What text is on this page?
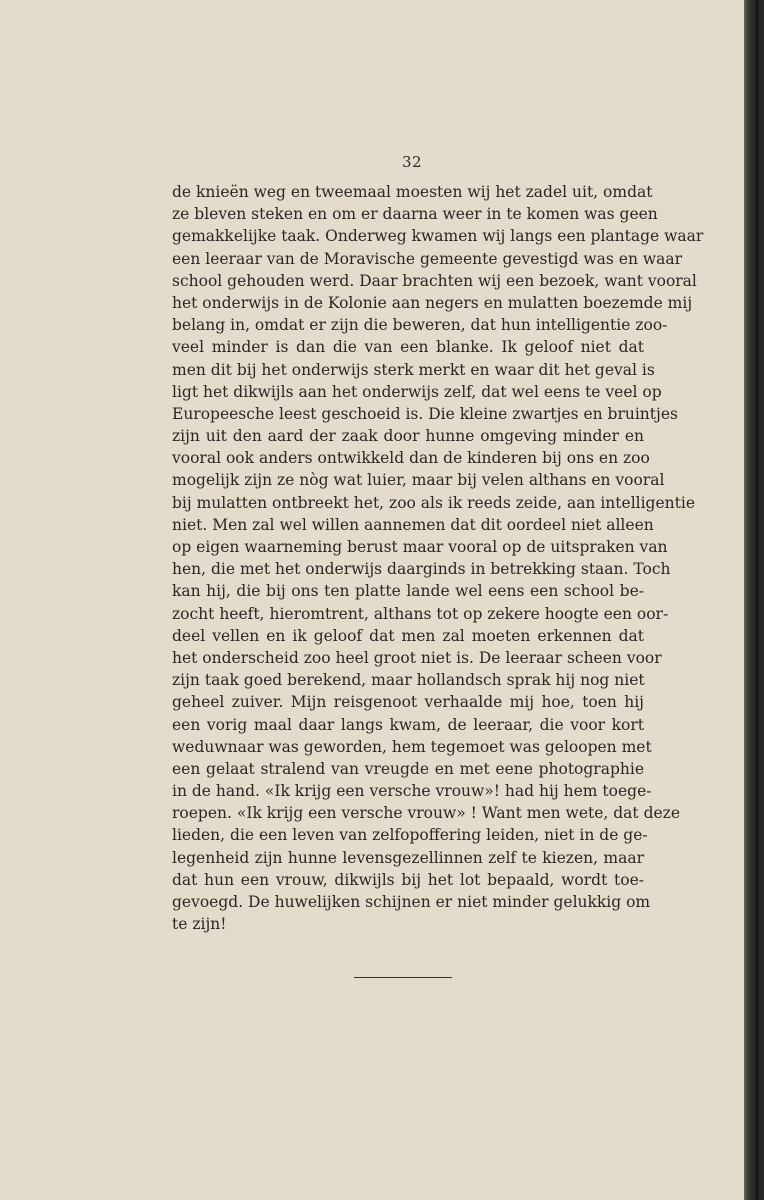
32
de knieën weg en tweemaal moesten wij het zadel uit, omdat
ze bleven steken en om er daarna weer in te komen was geen
gemakkelijke taak. Onderweg kwamen wij langs een plantage waar
een leeraar van de Moravische gemeente gevestigd was en waar
school gehouden werd. Daar brachten wij een bezoek, want vooral
het onderwijs in de Kolonie aan negers en mulatten boezemde mij
belang in, omdat er zijn die beweren, dat hun intelligentie zoo-
veel minder is dan die van een blanke. Ik geloof niet dat
men dit bij het onderwijs sterk merkt en waar dit het geval is
ligt het dikwijls aan het onderwijs zelf, dat wel eens te veel op
Europeesche leest geschoeid is. Die kleine zwartjes en bruintjes
zijn uit den aard der zaak door hunne omgeving minder en
vooral ook anders ontwikkeld dan de kinderen bij ons en zoo
mogelijk zijn ze nòg wat luier, maar bij velen althans en vooral
bij mulatten ontbreekt het, zoo als ik reeds zeide, aan intelligentie
niet. Men zal wel willen aannemen dat dit oordeel niet alleen
op eigen waarneming berust maar vooral op de uitspraken van
hen, die met het onderwijs daarginds in betrekking staan. Toch
kan hij, die bij ons ten platte lande wel eens een school be-
zocht heeft, hieromtrent, althans tot op zekere hoogte een oor-
deel vellen en ik geloof dat men zal moeten erkennen dat
het onderscheid zoo heel groot niet is. De leeraar scheen voor
zijn taak goed berekend, maar hollandsch sprak hij nog niet
geheel zuiver. Mijn reisgenoot verhaalde mij hoe, toen hij
een vorig maal daar langs kwam, de leeraar, die voor kort
weduwnaar was geworden, hem tegemoet was geloopen met
een gelaat stralend van vreugde en met eene photographie
in de hand. «Ik krijg een versche vrouw»! had hij hem toege-
roepen. «Ik krijg een versche vrouw» ! Want men wete, dat deze
lieden, die een leven van zelfopoffering leiden, niet in de ge-
legenheid zijn hunne levensgezellinnen zelf te kiezen, maar
dat hun een vrouw, dikwijls bij het lot bepaald, wordt toe-
gevoegd. De huwelijken schijnen er niet minder gelukkig om
te zijn!
